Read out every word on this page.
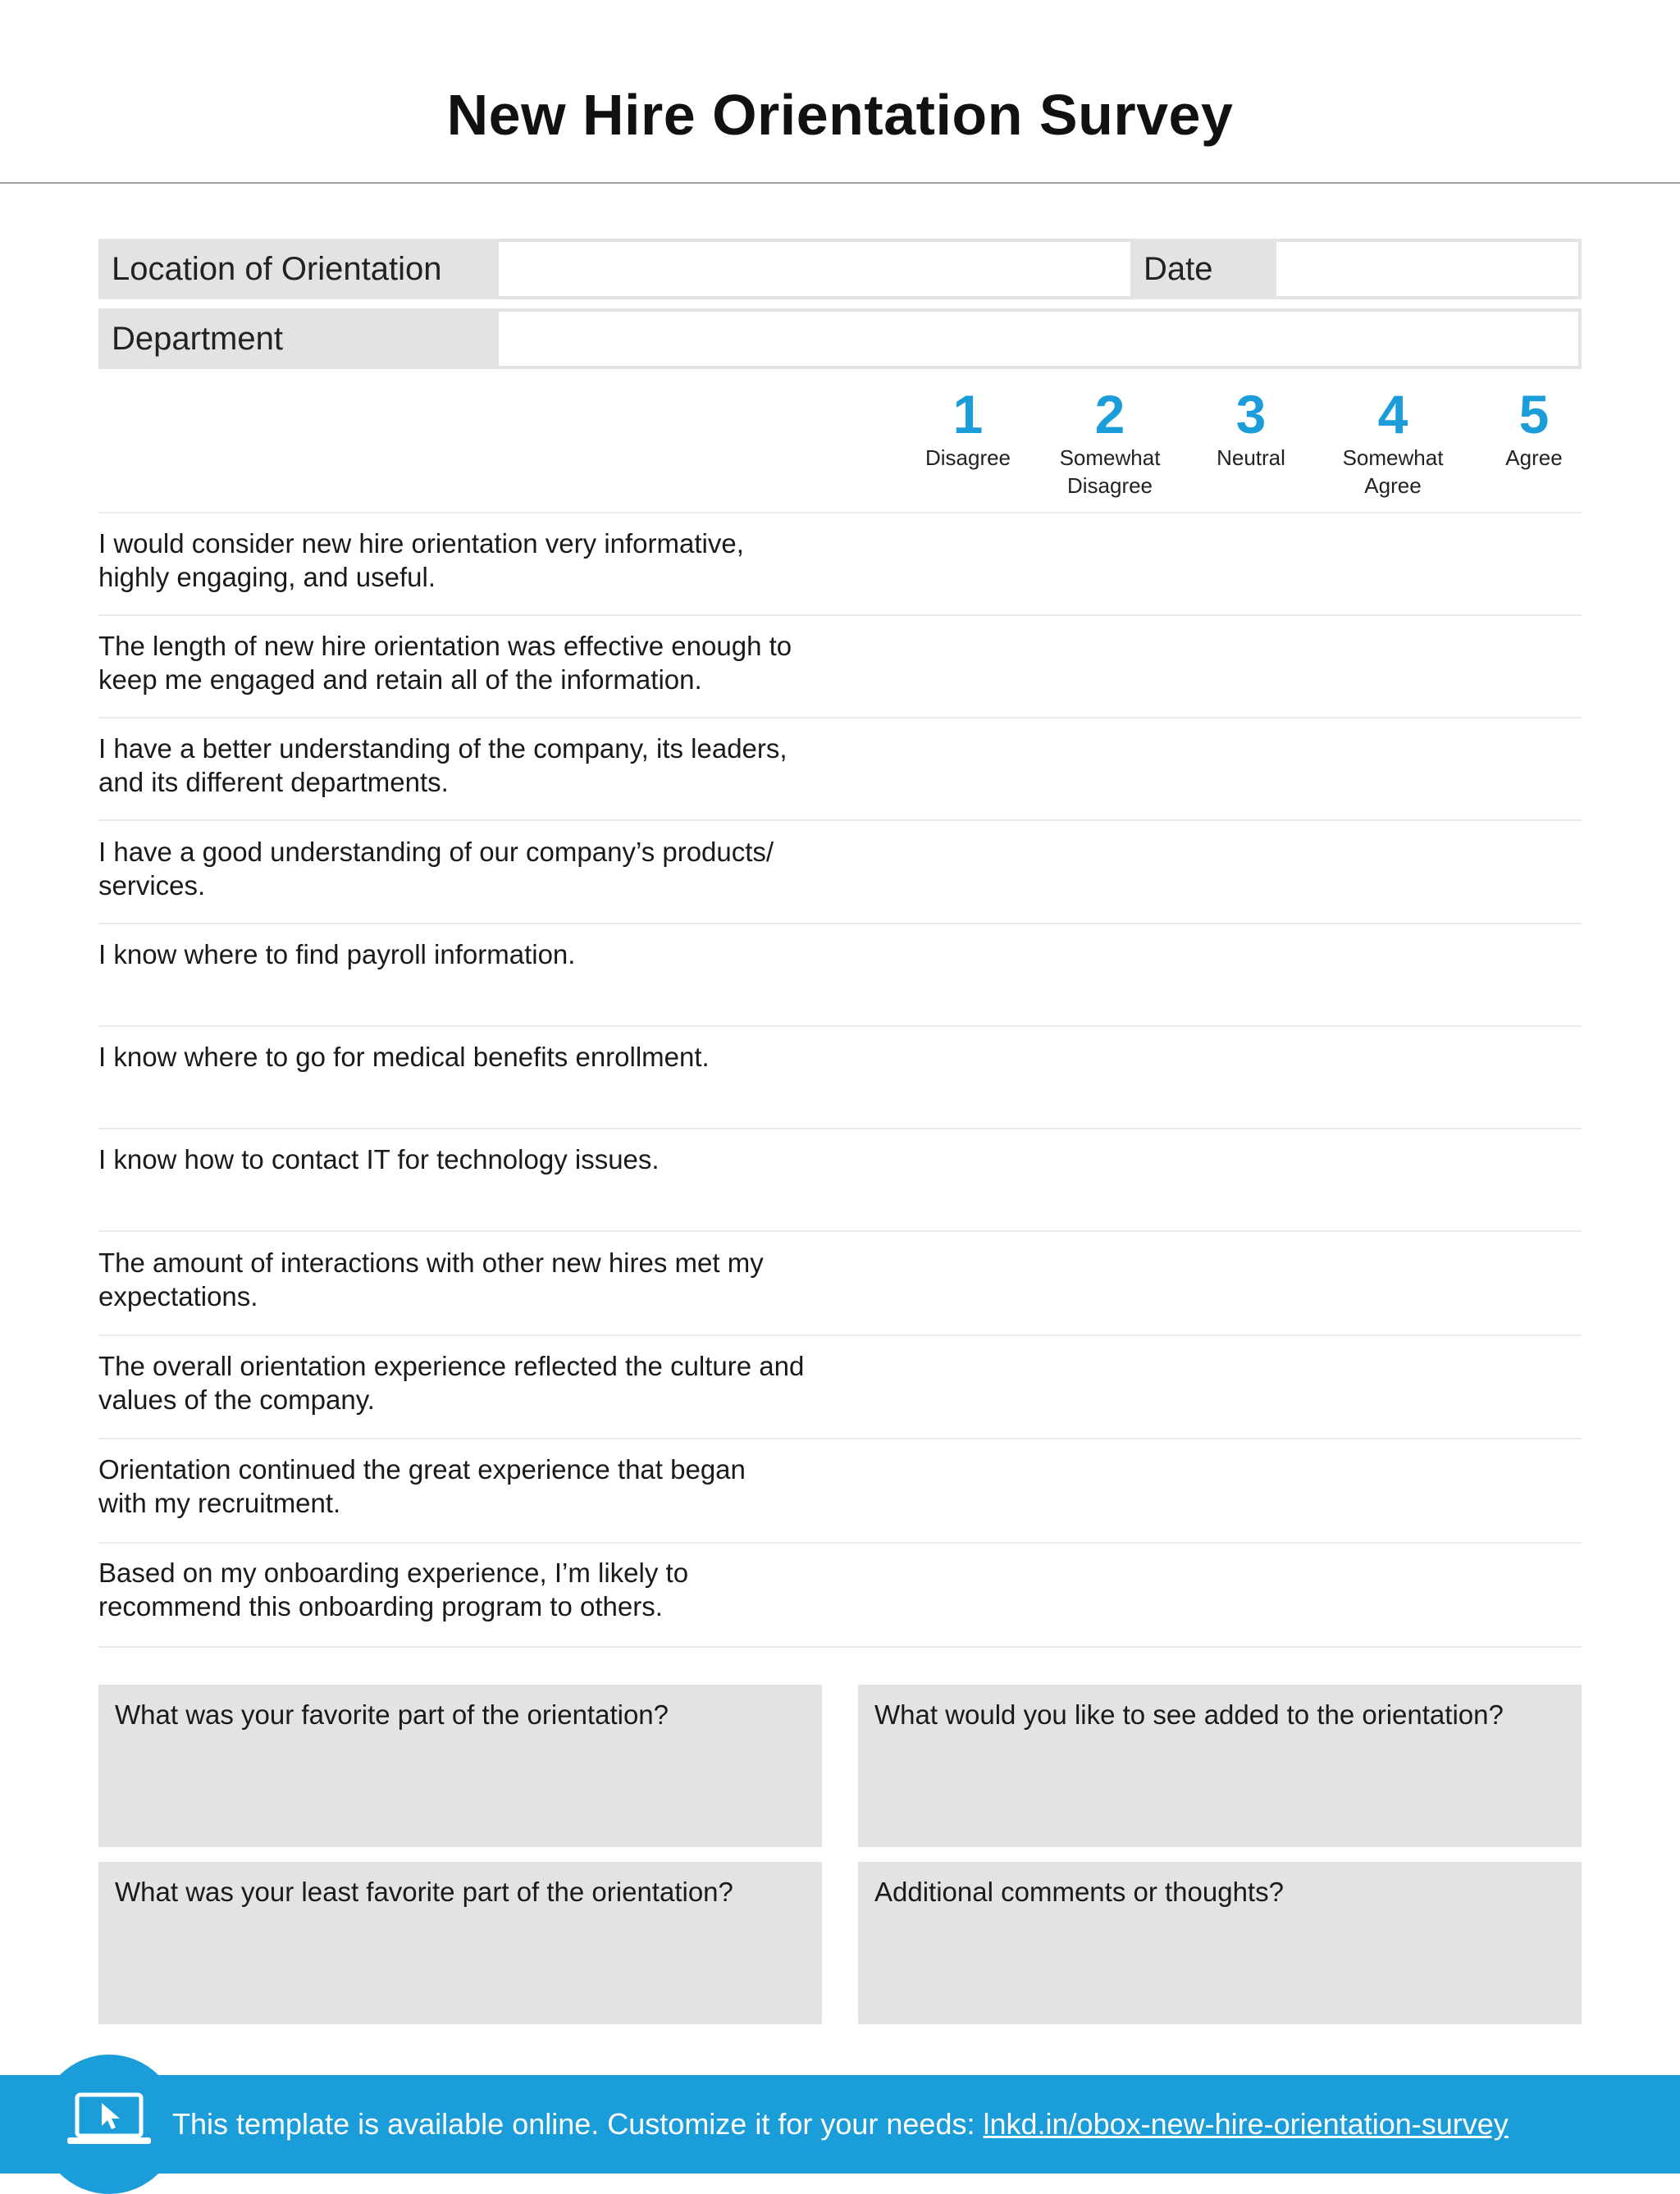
New Hire Orientation Survey
Location of Orientation	Date
Department
1
Disagree
2
Somewhat
Disagree
3
Neutral
4
Somewhat
Agree
5
Agree
I would consider new hire orientation very informative,
highly engaging, and useful.
The length of new hire orientation was effective enough to
keep me engaged and retain all of the information.
I have a better understanding of the company, its leaders,
and its different departments.
I have a good understanding of our company’s products/
services.
I know where to find payroll information.
I know where to go for medical benefits enrollment.
I know how to contact IT for technology issues.
The amount of interactions with other new hires met my
expectations.
The overall orientation experience reflected the culture and
values of the company.
Orientation continued the great experience that began
with my recruitment.
Based on my onboarding experience, I’m likely to
recommend this onboarding program to others.
What was your favorite part of the orientation?	What would you like to see added to the orientation?
What was your least favorite part of the orientation?	Additional comments or thoughts?
This template is available online. Customize it for your needs: lnkd.in/obox-new-hire-orientation-survey
